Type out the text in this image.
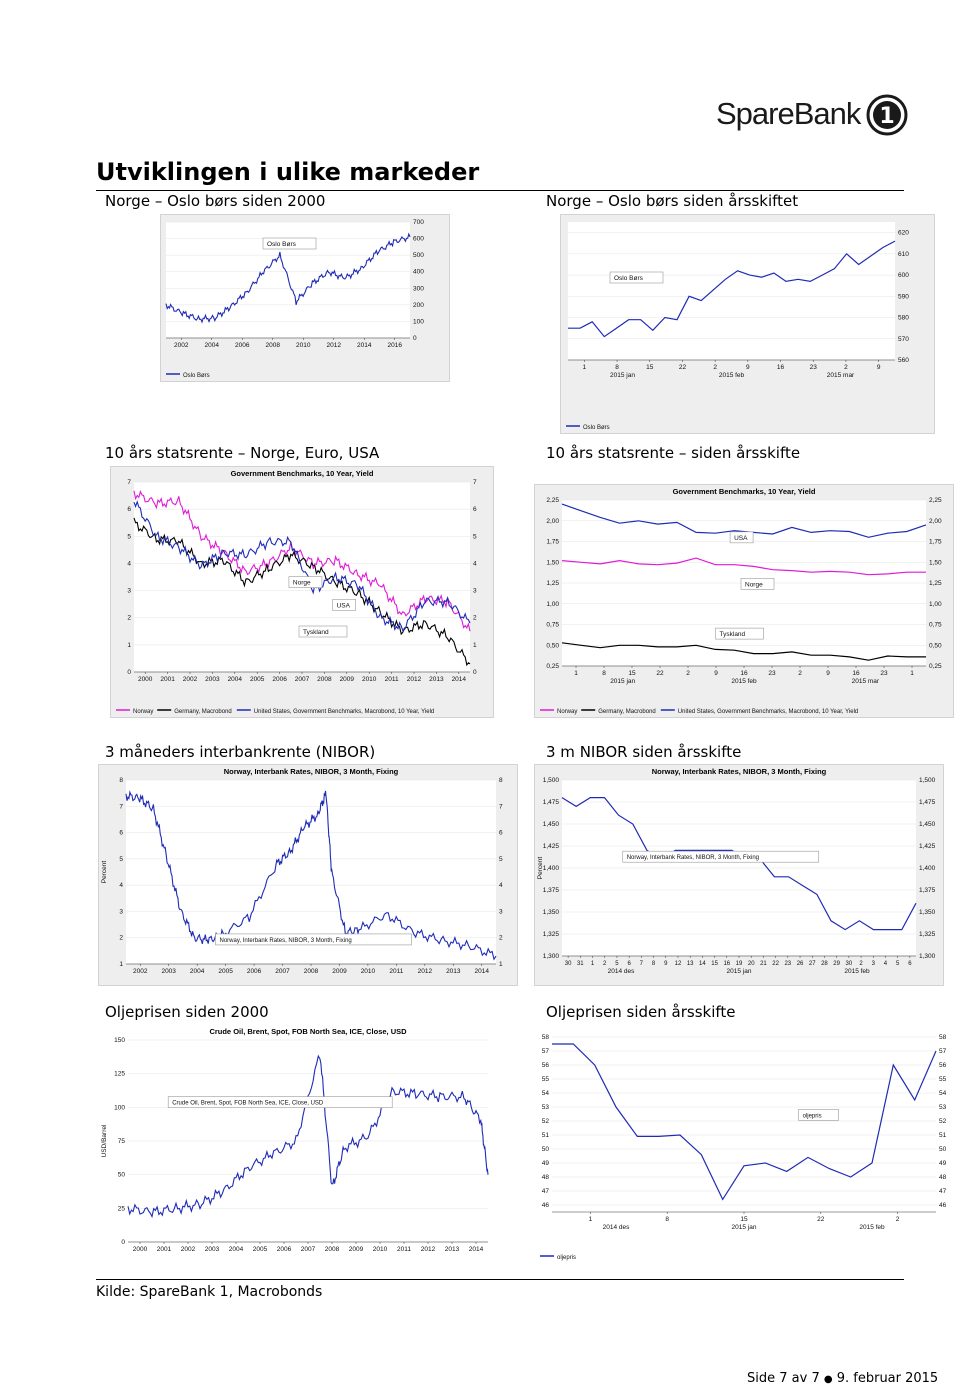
SpareBank 1
Utviklingen i ulike markeder
Norge – Oslo børs siden 2000	Norge – Oslo børs siden årsskiftet
10 års statsrente – Norge, Euro, USA	10 års statsrente – siden årsskifte
3 måneders interbankrente (NIBOR)	3 m NIBOR siden årsskifte
Oljeprisen siden 2000	Oljeprisen siden årsskifte
0
100
200
300
400
500
600
700
2002 2004 2006 2008 2010 2012 2014 2016
Oslo Børs
Oslo Børs
620
610
600
590
580
570
560
1	8	15	22	2	9	16	23	2	9
2015 jan	2015 feb	2015 mar
Oslo Børs
Oslo Børs
Government Benchmarks, 10 Year, Yield
0	0
1	1
2	2
3	3
4	4
5	5
6	6
7	7
2000 2001 2002 2003 2004 2005 2006 2007 2008 2009 2010 2011 2012 2013 2014
Norge
USA
Tyskland
Norway	Germany, Macrobond	United States, Government Benchmarks, Macrobond, 10 Year, Yield
Government Benchmarks, 10 Year, Yield
2,25	2,25
2,00	2,00
1,75	1,75
1,50	1,50
1,25	1,25
1,00	1,00
0,75	0,75
0,50	0,50
0,25	0,25
1	8	15	22	2	9	16	23	2	9	16	23	1
2015 jan	2015 feb	2015 mar
USA
Norge
Tyskland
Norway	Germany, Macrobond	United States, Government Benchmarks, Macrobond, 10 Year, Yield
Norway, Interbank Rates, NIBOR, 3 Month, Fixing
1	1
2	2
3	3
4	4
5	5
6	6
7	7
8	8
2002 2003 2004 2005 2006 2007 2008 2009 2010 2011 2012 2013 2014
Percent
Norway, Interbank Rates, NIBOR, 3 Month, Fixing
Norway, Interbank Rates, NIBOR, 3 Month, Fixing
1,500	1,500
1,475	1,475
1,450	1,450
1,425	1,425
1,400	1,400
1,375	1,375
1,350	1,350
1,325	1,325
1,300	1,300
30 31 1 2 5 6 7 8 9 12 13 14 15 16 19 20 21 22 23 26 27 28 29 30 2 3 4 5 6
2014 des	2015 jan	2015 feb
Percent	Norway, Interbank Rates, NIBOR, 3 Month, Fixing
Crude Oil, Brent, Spot, FOB North Sea, ICE, Close, USD
0
25
50
75
100
125
150
2000 2001 2002 2003 2004 2005 2006 2007 2008 2009 2010 2011 2012 2013 2014
USD/Barrel
Crude Oil, Brent, Spot, FOB North Sea, ICE, Close, USD
58	58
57	57
56	56
55	55
54	54
53	53
52	52
51	51
50	50
49	49
48	48
47	47
46	46
1	8	15	22	2
2014 des	2015 jan	2015 feb
oljepris
oljepris
Kilde: SpareBank 1, Macrobonds
Side 7 av 7 ● 9. februar 2015
